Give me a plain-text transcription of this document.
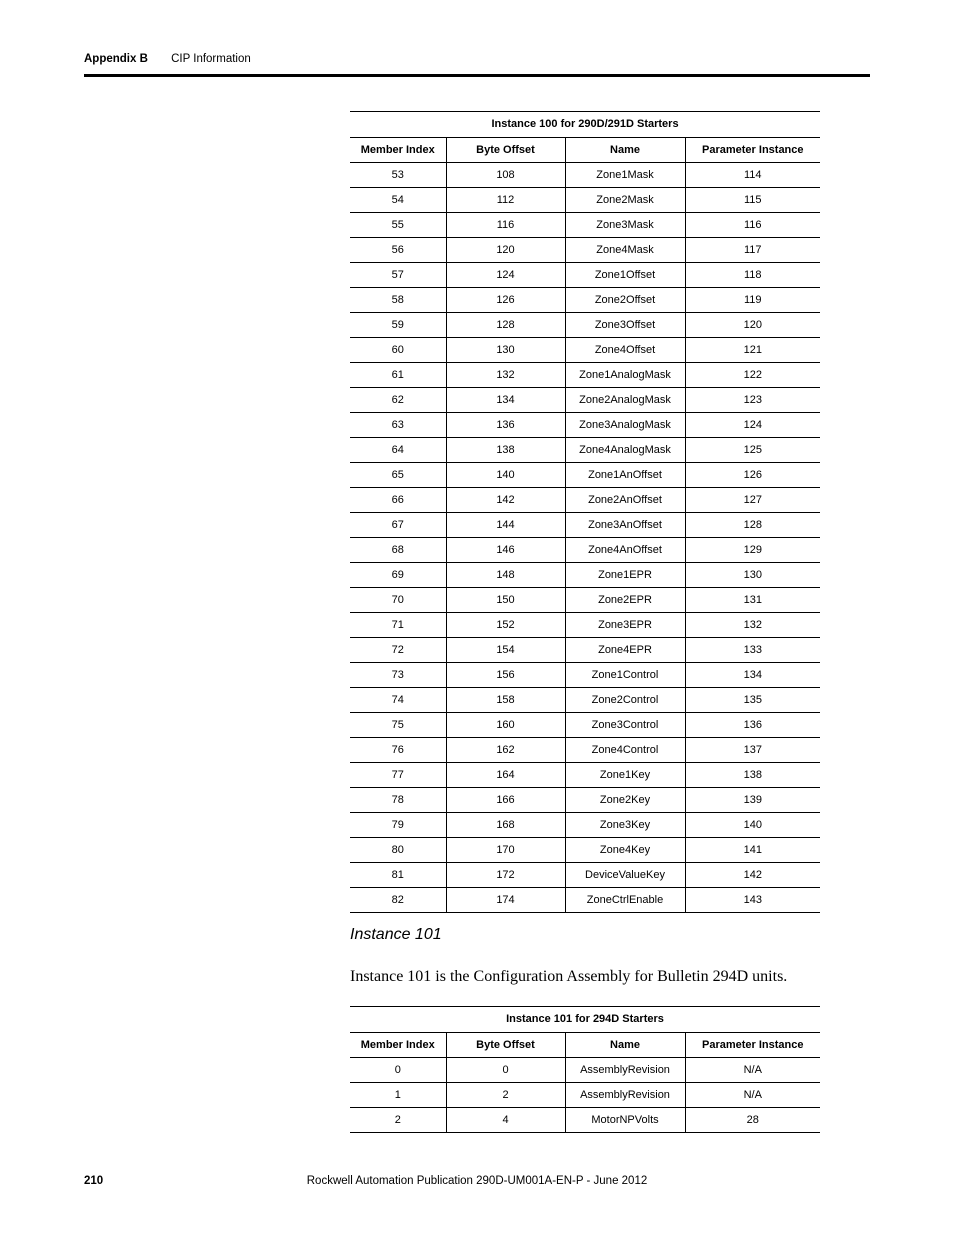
Appendix B CIP Information
Instance 100 for 290D/291D Starters			
Member Index	Byte Offset	Name	Parameter Instance
53	108	Zone1Mask	114
54	112	Zone2Mask	115
55	116	Zone3Mask	116
56	120	Zone4Mask	117
57	124	Zone1Offset	118
58	126	Zone2Offset	119
59	128	Zone3Offset	120
60	130	Zone4Offset	121
61	132	Zone1AnalogMask	122
62	134	Zone2AnalogMask	123
63	136	Zone3AnalogMask	124
64	138	Zone4AnalogMask	125
65	140	Zone1AnOffset	126
66	142	Zone2AnOffset	127
67	144	Zone3AnOffset	128
68	146	Zone4AnOffset	129
69	148	Zone1EPR	130
70	150	Zone2EPR	131
71	152	Zone3EPR	132
72	154	Zone4EPR	133
73	156	Zone1Control	134
74	158	Zone2Control	135
75	160	Zone3Control	136
76	162	Zone4Control	137
77	164	Zone1Key	138
78	166	Zone2Key	139
79	168	Zone3Key	140
80	170	Zone4Key	141
81	172	DeviceValueKey	142
82	174	ZoneCtrlEnable	143
Instance 101
Instance 101 is the Configuration Assembly for Bulletin 294D units.
Instance 101 for 294D Starters			
Member Index	Byte Offset	Name	Parameter Instance
0	0	AssemblyRevision	N/A
1	2	AssemblyRevision	N/A
2	4	MotorNPVolts	28
210	Rockwell Automation Publication 290D-UM001A-EN-P - June 2012
